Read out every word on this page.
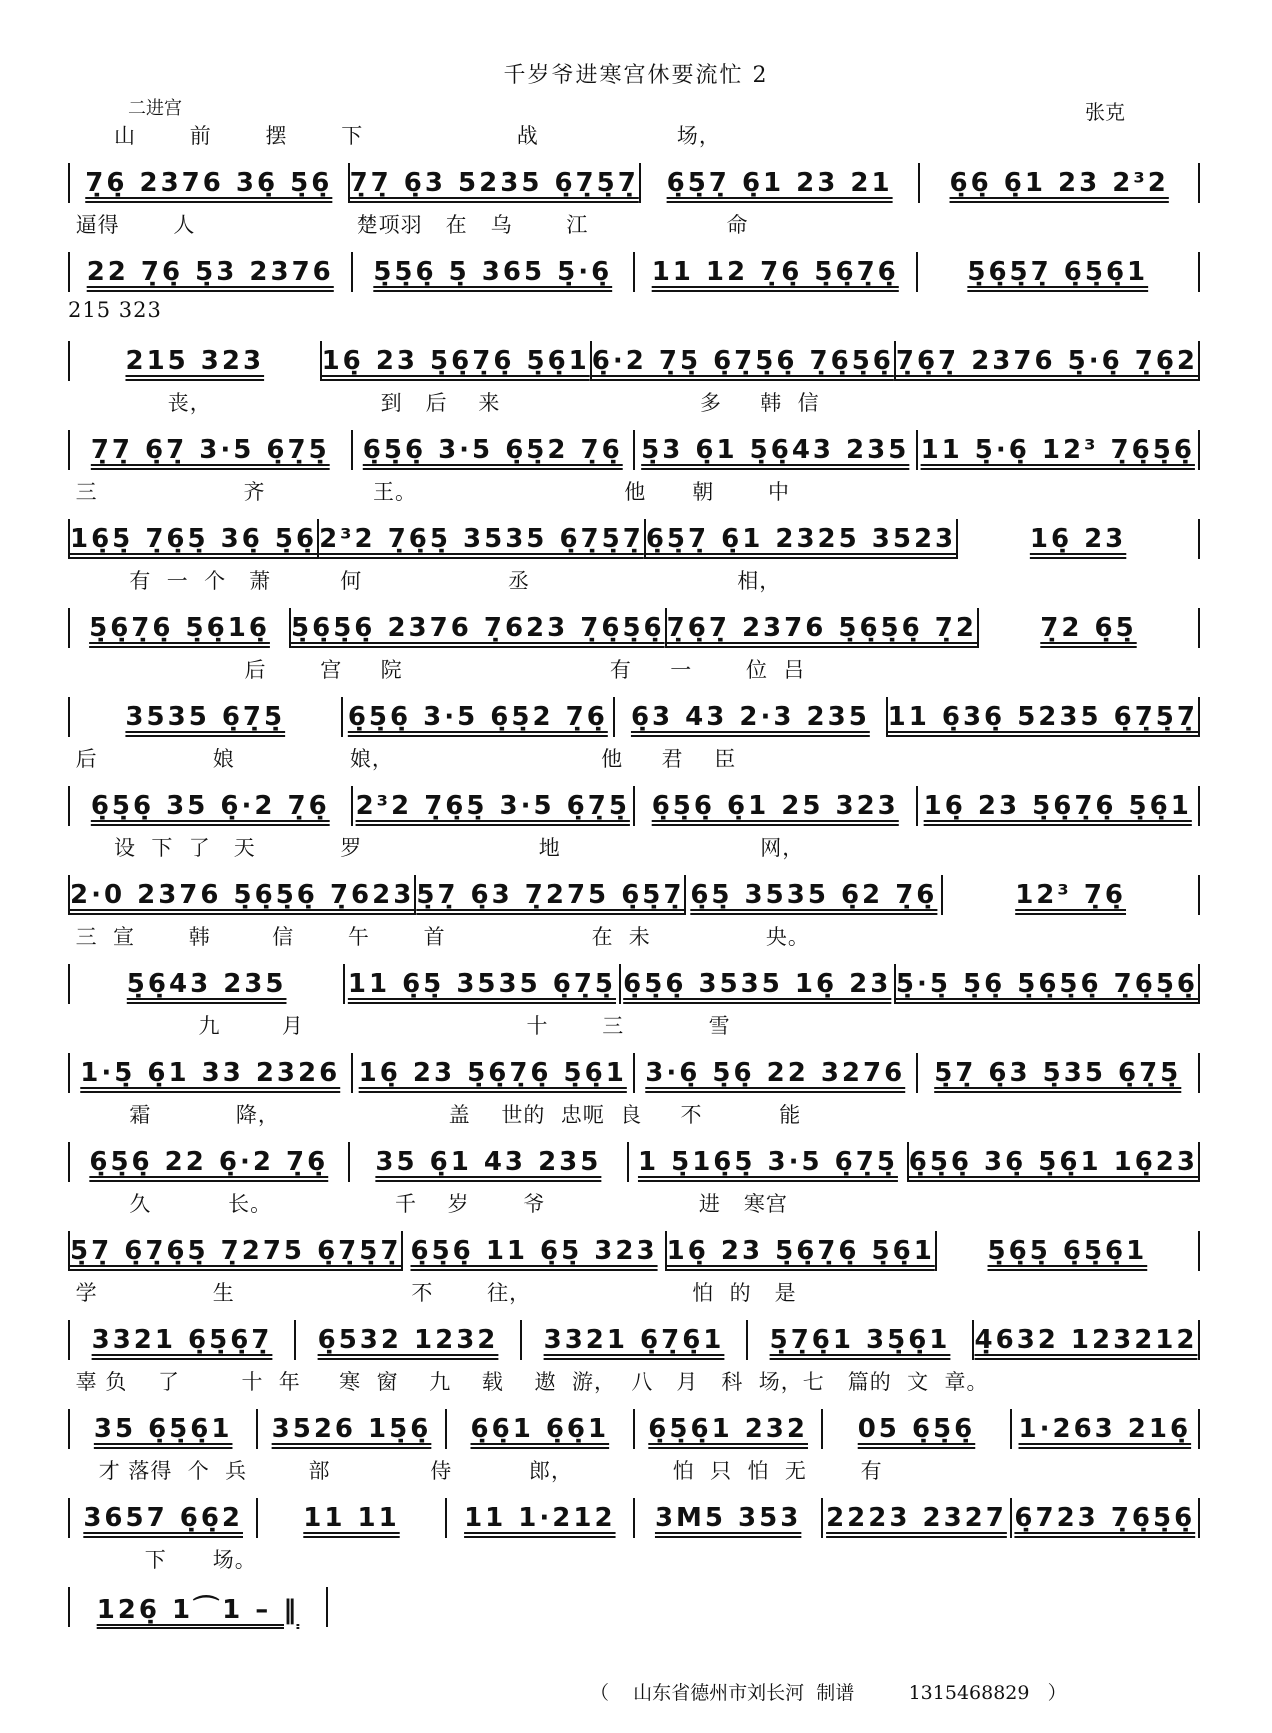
千岁爷进寒宫休要流忙 2
二进宫	张克
山       前       摆       下                    战                  场，
7̣6̣ 2376 36̣ 5̣6̣ 7̣7̣ 6̣3 5235 6̣7̣5̣7̣	6̣5̣7̣ 6̣1 23 21	6̣6̣ 6̣1 23 2³2
逼得       人                     楚项羽   在   乌       江                  命
22 7̣6̣ 5̣3 2376	5̣5̣6̣ 5̣ 365 5̣·6̣	11 12 7̣6̣ 5̣6̣7̣6̣	5̣6̣5̣7̣ 6̣5̣6̣1
215 323
215 323	16̣ 23 5̣6̣7̣6̣ 5̣6̣1 6̣·2 7̣5̣ 6̣7̣5̣6̣ 7̣6̣5̣6̣ 7̣6̣7̣ 2376 5̣·6̣ 7̣6̣2
丧，                      到   后    来                          多     韩  信
7̣7̣ 6̣7̣ 3·5 6̣7̣5̣	6̣5̣6̣ 3·5 6̣5̣2 7̣6̣ 5̣3 6̣1 5̣6̣43 235 11 5̣·6̣ 12³ 7̣6̣5̣6̣
三                   齐              王。                           他      朝       中
16̣5̣ 7̣6̣5̣ 36̣ 5̣6̣ 2³2 7̣6̣5̣ 3535 6̣7̣5̣7̣ 6̣5̣7̣ 6̣1 2325 3523	16̣ 23
有  一  个   萧         何                   丞                           相，
5̣6̣7̣6̣ 5̣6̣16̣ 5̣6̣5̣6̣ 2376 7̣623 7̣6̣5̣6̣ 7̣6̣7̣ 2376 5̣6̣5̣6̣ 7̣2	7̣2 6̣5̣
后       宫     院                           有     一       位  吕
3535 6̣7̣5̣	6̣5̣6̣ 3·5 6̣5̣2 7̣6̣ 6̣3 43 2·3 235 11 6̣36̣ 5235 6̣7̣5̣7̣
后               娘               娘，                           他     君    臣
6̣5̣6̣ 35 6̣·2 7̣6̣ 2³2 7̣6̣5̣ 3·5 6̣7̣5̣ 6̣5̣6̣ 6̣1 25 323 16̣ 23 5̣6̣7̣6̣ 5̣6̣1
设  下  了   天           罗                       地                          网，
2·0 2376 5̣6̣5̣6̣ 7̣623 5̣7̣ 6̣3 7̣275 6̣5̣7̣ 6̣5̣ 3535 6̣2 7̣6̣	12³ 7̣6̣
三  宣       韩        信       午       首                   在  未               央。
5̣6̣43 235	11 6̣5̣ 3535 6̣7̣5̣ 6̣5̣6̣ 3535 16̣ 23 5̣·5̣ 5̣6̣ 5̣6̣5̣6̣ 7̣6̣5̣6̣
九        月                             十       三           雪
1·5̣ 6̣1 33 2326 16̣ 23 5̣6̣7̣6̣ 5̣6̣1 3·6̣ 5̣6̣ 22 3276	5̣7̣ 6̣3 5̣35 6̣7̣5̣
霜           降，                      盖    世的  忠呃  良     不          能
6̣5̣6̣ 22 6̣·2 7̣6̣	35 6̣1 43 235	1 5̣16̣5̣ 3·5 6̣7̣5̣ 6̣5̣6̣ 36̣ 5̣6̣1 16̣23
久          长。                千    岁       爷                    进   寒宫
5̣7̣ 6̣7̣6̣5̣ 7̣275 6̣7̣5̣7̣ 6̣5̣6̣ 11 6̣5̣ 323 16̣ 23 5̣6̣7̣6̣ 5̣6̣1	5̣6̣5̣ 6̣5̣6̣1
学               生                       不       往，                     怕  的   是
3321 6̣5̣6̣7̣	6̣532 1232	3321 6̣7̣6̣1	5̣7̣6̣1 35̣6̣1 4̣632 123212
辜 负    了        十  年     寒  窗    九    载    遨  游，  八   月   科  场，七   篇的  文  章。
35 6̣5̣6̣1	3526 15̣6̣	6̣6̣1 6̣6̣1	6̣5̣6̣1 232	05 6̣5̣6̣	1·263 216̣
才 落得  个  兵        部             侍          郎，             怕  只  怕  无       有
3657 6̣6̣2	11 11	11 1·212	3M5 353 2223 2327 6̣723 7̣6̣5̣6̣
下      场。
126̣ 1⌒1 – ‖
（    山东省德州市刘长河  制谱         1315468829   ）
